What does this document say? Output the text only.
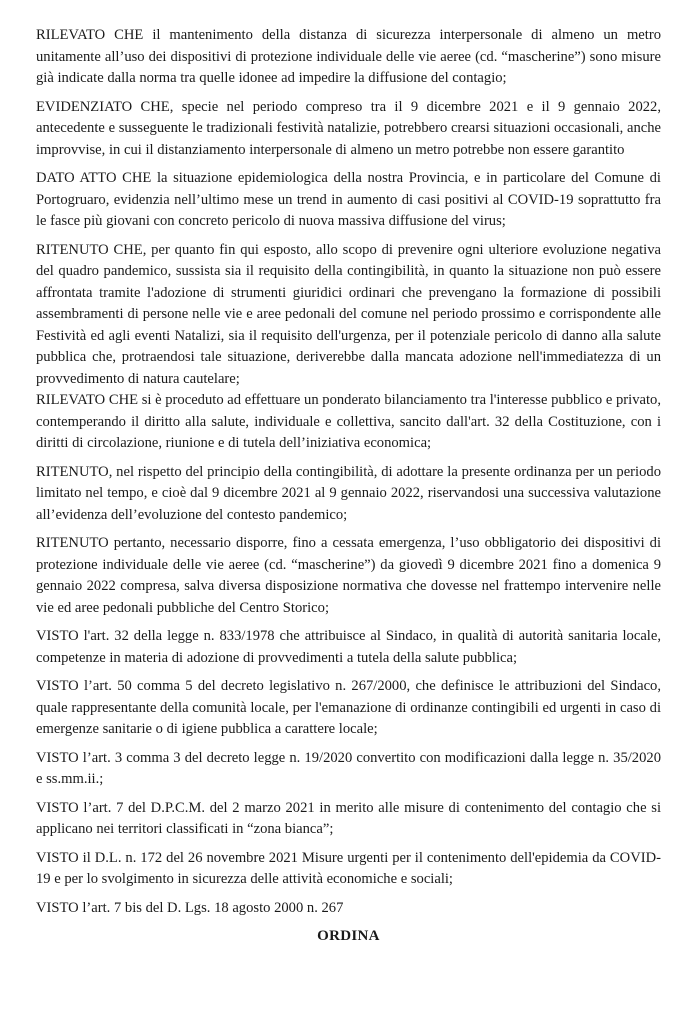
RILEVATO CHE il mantenimento della distanza di sicurezza interpersonale di almeno un metro unitamente all’uso dei dispositivi di protezione individuale delle vie aeree (cd. “mascherine”) sono misure già indicate dalla norma tra quelle idonee ad impedire la diffusione del contagio;

EVIDENZIATO CHE, specie nel periodo compreso tra il 9 dicembre 2021 e il 9 gennaio 2022, antecedente e susseguente le tradizionali festività natalizie, potrebbero crearsi situazioni occasionali, anche improvvise, in cui il distanziamento interpersonale di almeno un metro potrebbe non essere garantito

DATO ATTO CHE la situazione epidemiologica della nostra Provincia, e in particolare del Comune di Portogruaro, evidenzia nell’ultimo mese un trend in aumento di casi positivi al COVID-19 soprattutto fra le fasce più giovani con concreto pericolo di nuova massiva diffusione del virus;

RITENUTO CHE, per quanto fin qui esposto, allo scopo di prevenire ogni ulteriore evoluzione negativa del quadro pandemico, sussista sia il requisito della contingibilità, in quanto la situazione non può essere affrontata tramite l'adozione di strumenti giuridici ordinari che prevengano la formazione di possibili assembramenti di persone nelle vie e aree pedonali del comune nel periodo prossimo e corrispondente alle Festività ed agli eventi Natalizi, sia il requisito dell'urgenza, per il potenziale pericolo di danno alla salute pubblica che, protraendosi tale situazione, deriverebbe dalla mancata adozione nell'immediatezza di un provvedimento di natura cautelare;

RILEVATO CHE si è proceduto ad effettuare un ponderato bilanciamento tra l'interesse pubblico e privato, contemperando il diritto alla salute, individuale e collettiva, sancito dall'art. 32 della Costituzione, con i diritti di circolazione, riunione e di tutela dell’iniziativa economica;

RITENUTO, nel rispetto del principio della contingibilità, di adottare la presente ordinanza per un periodo limitato nel tempo, e cioè dal 9 dicembre 2021 al 9 gennaio 2022, riservandosi una successiva valutazione all’evidenza dell’evoluzione del contesto pandemico;

RITENUTO pertanto, necessario disporre, fino a cessata emergenza, l’uso obbligatorio dei dispositivi di protezione individuale delle vie aeree (cd. “mascherine”) da giovedì 9 dicembre 2021 fino a domenica 9 gennaio 2022 compresa, salva diversa disposizione normativa che dovesse nel frattempo intervenire nelle vie ed aree pedonali pubbliche del Centro Storico;

VISTO l'art. 32 della legge n. 833/1978 che attribuisce al Sindaco, in qualità di autorità sanitaria locale, competenze in materia di adozione di provvedimenti a tutela della salute pubblica;

VISTO l’art. 50 comma 5 del decreto legislativo n. 267/2000, che definisce le attribuzioni del Sindaco, quale rappresentante della comunità locale, per l'emanazione di ordinanze contingibili ed urgenti in caso di emergenze sanitarie o di igiene pubblica a carattere locale;

VISTO l’art. 3 comma 3 del decreto legge n. 19/2020 convertito con modificazioni dalla legge n. 35/2020 e ss.mm.ii.;

VISTO l’art. 7 del D.P.C.M. del 2 marzo 2021 in merito alle misure di contenimento del contagio che si applicano nei territori classificati in “zona bianca”;

VISTO il D.L. n. 172 del 26 novembre 2021 Misure urgenti per il contenimento dell'epidemia da COVID-19 e per lo svolgimento in sicurezza delle attività economiche e sociali;

VISTO l’art. 7 bis del D. Lgs. 18 agosto 2000 n. 267

ORDINA
